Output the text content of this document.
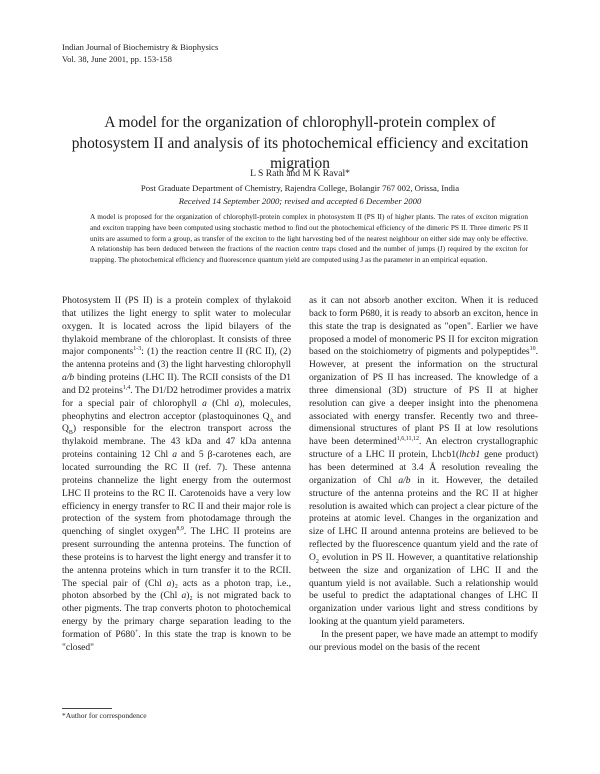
Indian Journal of Biochemistry & Biophysics
Vol. 38, June 2001, pp. 153-158
A model for the organization of chlorophyll-protein complex of photosystem II and analysis of its photochemical efficiency and excitation migration
L S Rath and M K Raval*
Post Graduate Department of Chemistry, Rajendra College, Bolangir 767 002, Orissa, India
Received 14 September 2000; revised and accepted 6 December 2000

A model is proposed for the organization of chlorophyll-protein complex in photosystem II (PS II) of higher plants. The rates of exciton migration and exciton trapping have been computed using stochastic method to find out the photochemical efficiency of the dimeric PS II. Three dimeric PS II units are assumed to form a group, as transfer of the exciton to the light harvesting bed of the nearest neighbour on either side may only be effective. A relationship has been deduced between the fractions of the reaction centre traps closed and the number of jumps (J) required by the exciton for trapping. The photochemical efficiency and fluorescence quantum yield are computed using J as the parameter in an empirical equation.

Photosystem II (PS II) is a protein complex of thylakoid that utilizes the light energy to split water to molecular oxygen. It is located across the lipid bilayers of the thylakoid membrane of the chloroplast. It consists of three major components$^{1-3}$: (1) the reaction centre II (RC II), (2) the antenna proteins and (3) the light harvesting chlorophyll a/b binding proteins (LHC II). The RCII consists of the D1 and D2 proteins$^{1,4}$. The D1/D2 hetrodimer provides a matrix for a special pair of chlorophyll a (Chl a), molecules, pheophytins and electron acceptor (plastoquinones $Q_A$ and $Q_B$) responsible for the electron transport across the thylakoid membrane. The 43 kDa and 47 kDa antenna proteins containing 12 Chl a and 5 β-carotenes each, are located surrounding the RC II (ref. 7). These antenna proteins channelize the light energy from the outermost LHC II proteins to the RC II. Carotenoids have a very low efficiency in energy transfer to RC II and their major role is protection of the system from photodamage through the quenching of singlet oxygen$^{8,9}$. The LHC II proteins are present surrounding the antenna proteins. The function of these proteins is to harvest the light energy and transfer it to the antenna proteins which in turn transfer it to the RCII. The special pair of (Chl a)₂ acts as a photon trap, i.e., photon absorbed by the (Chl a)₂ is not migrated back to other pigments. The trap converts photon to photochemical energy by the primary charge separation leading to the formation of P680+. In this state the trap is known to be "closed"

as it can not absorb another exciton. When it is reduced back to form P680, it is ready to absorb an exciton, hence in this state the trap is designated as "open". Earlier we have proposed a model of monomeric PS II for exciton migration based on the stoichiometry of pigments and polypeptides$^{10}$. However, at present the information on the structural organization of PS II has increased. The knowledge of a three dimensional (3D) structure of PS II at higher resolution can give a deeper insight into the phenomena associated with energy transfer. Recently two and three-dimensional structures of plant PS II at low resolutions have been determined$^{1,6,11,12}$. An electron crystallographic structure of a LHC II protein, Lhcb1(lhcb1 gene product) has been determined at 3.4 Å resolution revealing the organization of Chl a/b in it. However, the detailed structure of the antenna proteins and the RC II at higher resolution is awaited which can project a clear picture of the proteins at atomic level. Changes in the organization and size of LHC II around antenna proteins are believed to be reflected by the fluorescence quantum yield and the rate of $O_2$ evolution in PS II. However, a quantitative relationship between the size and organization of LHC II and the quantum yield is not available. Such a relationship would be useful to predict the adaptational changes of LHC II organization under various light and stress conditions by looking at the quantum yield parameters.

In the present paper, we have made an attempt to modify our previous model on the basis of the recent

*Author for correspondence
